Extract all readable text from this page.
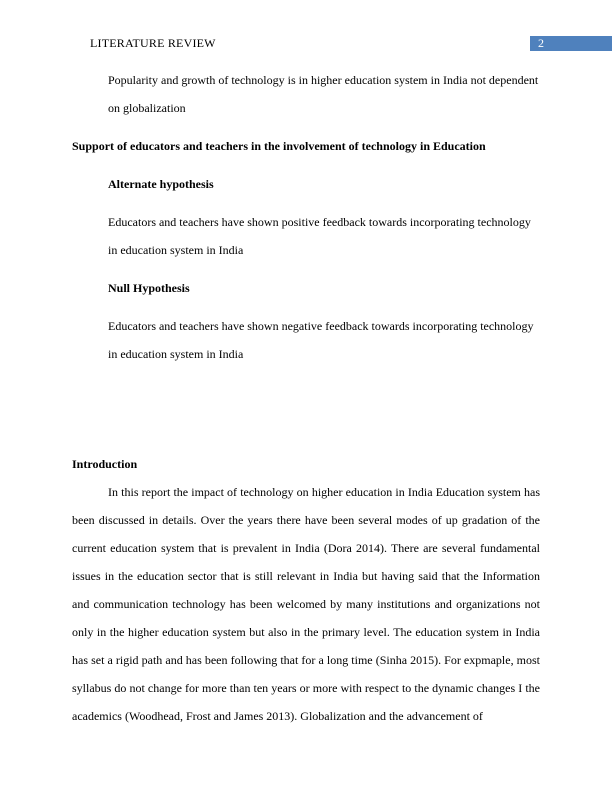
LITERATURE REVIEW	2

Popularity and growth of technology is in higher education system in India not dependent on globalization

Support of educators and teachers in the involvement of technology in Education

Alternate hypothesis

Educators and teachers have shown positive feedback towards incorporating technology in education system in India

Null Hypothesis

Educators and teachers have shown negative feedback towards incorporating technology in education system in India

Introduction

In this report the impact of technology on higher education in India Education system has been discussed in details. Over the years there have been several modes of up gradation of the current education system that is prevalent in India (Dora 2014). There are several fundamental issues in the education sector that is still relevant in India but having said that the Information and communication technology has been welcomed by many institutions and organizations not only in the higher education system but also in the primary level. The education system in India has set a rigid path and has been following that for a long time (Sinha 2015). For expmaple, most syllabus do not change for more than ten years or more with respect to the dynamic changes I the academics (Woodhead, Frost and James 2013). Globalization and the advancement of
